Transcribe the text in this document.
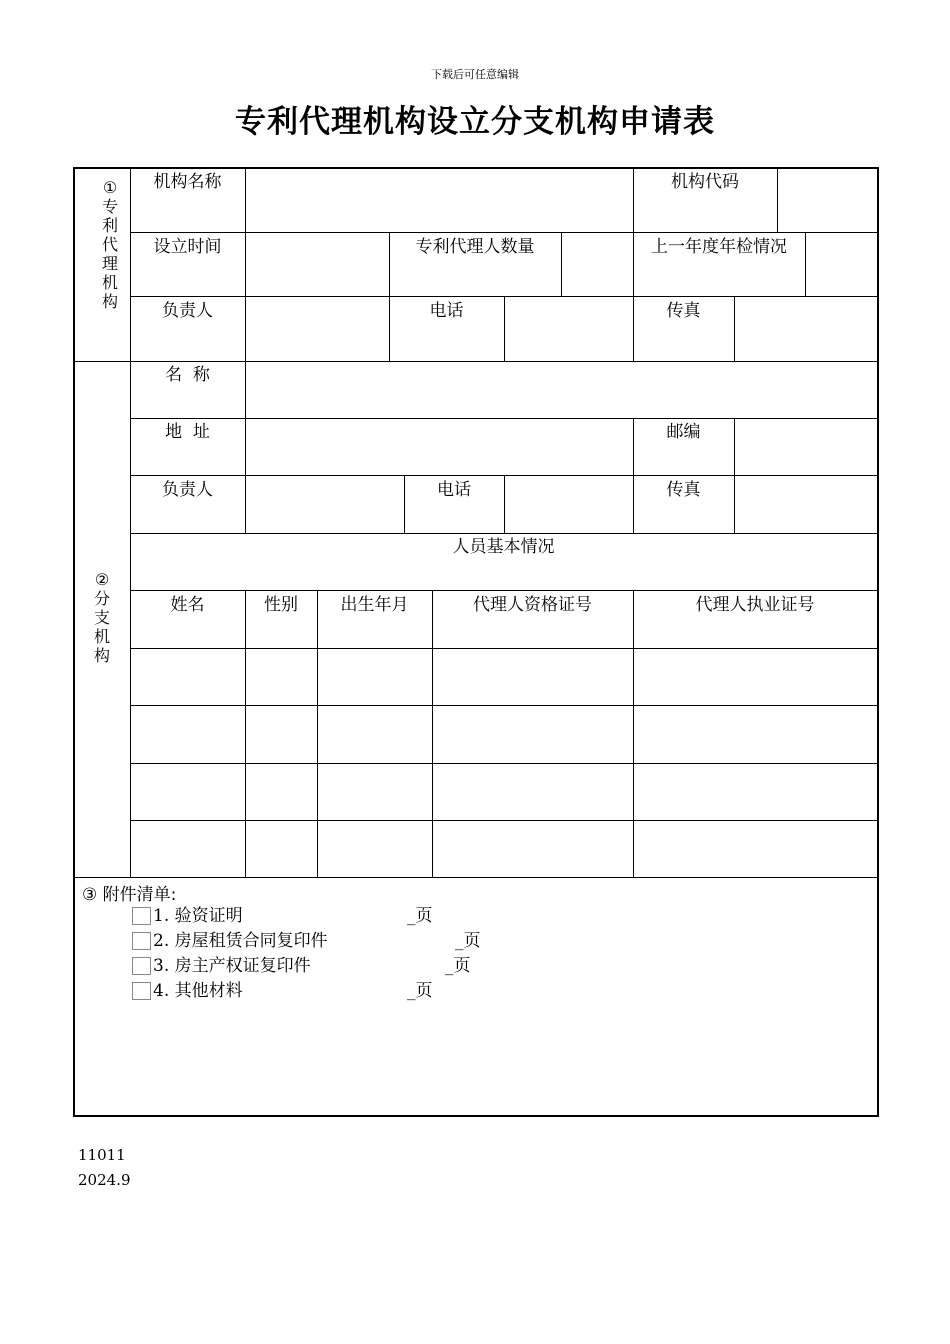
下载后可任意编辑
专利代理机构设立分支机构申请表
①
专
利
代
理
机
构
机构名称	机构代码
设立时间	专利代理人数量	上一年度年检情况
负责人	电话	传真
②
分
支
机
构
名  称
地  址	邮编
负责人	电话	传真
人员基本情况
姓名	性别	出生年月	代理人资格证号	代理人执业证号
③ 附件清单:
1. 验资证明	_页
2. 房屋租赁合同复印件	_页
3. 房主产权证复印件	_页
4. 其他材料	_页
11011
2024.9
